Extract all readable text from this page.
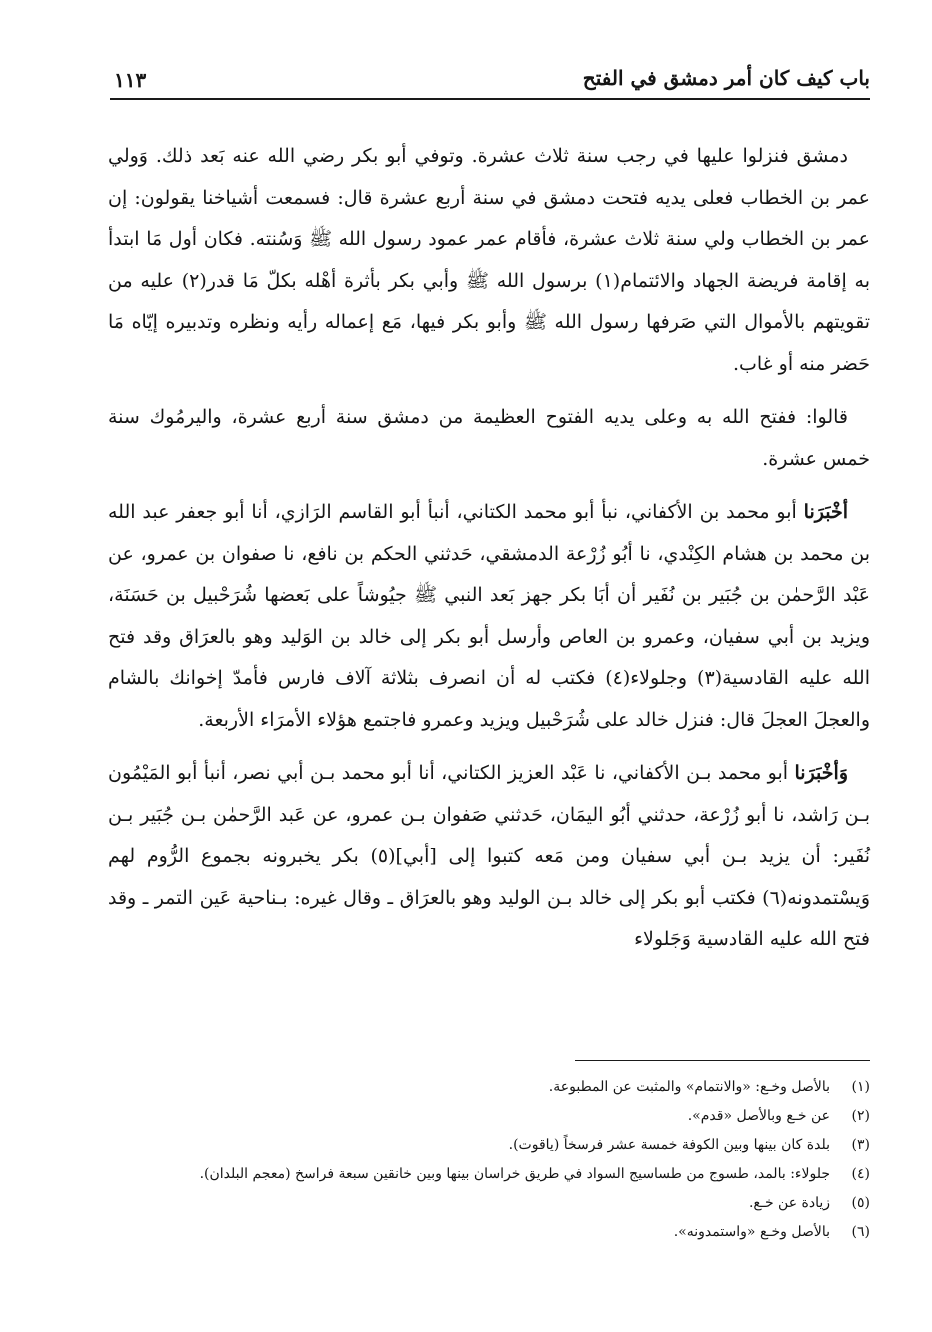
باب كيف كان أمر دمشق في الفتح
١١٣

دمشق فنزلوا عليها في رجب سنة ثلاث عشرة. وتوفي أبو بكر رضي الله عنه بَعد ذلك. وَولي عمر بن الخطاب فعلى يديه فتحت دمشق في سنة أربع عشرة قال: فسمعت أشياخنا يقولون: إن عمر بن الخطاب ولي سنة ثلاث عشرة، فأقام عمر عمود رسول الله ﷺ وَسُنته. فكان أول مَا ابتدأ به إقامة فريضة الجهاد والائتمام(١) برسول الله ﷺ وأبي بكر بأثرة أهْله بكلّ مَا قدر(٢) عليه من تقويتهم بالأموال التي صَرفها رسول الله ﷺ وأبو بكر فيها، مَع إعماله رأيه ونظره وتدبيره إيّاه مَا حَضر منه أو غاب.

قالوا: ففتح الله به وعلى يديه الفتوح العظيمة من دمشق سنة أربع عشرة، واليرمُوك سنة خمس عشرة.

أخْبَرَنا أبو محمد بن الأكفاني، نبأ أبو محمد الكتاني، أنبأ أبو القاسم الرَازي، أنا أبو جعفر عبد الله بن محمد بن هشام الكِنْدي، نا أبُو زُرْعة الدمشقي، حَدثني الحكم بن نافع، نا صفوان بن عمرو، عن عَبْد الرَّحمٰن بن جُبَير بن نُفَير أن أبَا بكر جهز بَعد النبي ﷺ جيُوشاً على بَعضها شُرَحْبيل بن حَسَنَة، ويزيد بن أبي سفيان، وعمرو بن العاص وأرسل أبو بكر إلى خالد بن الوَليد وهو بالعرَاق وقد فتح الله عليه القادسية(٣) وجلولاء(٤) فكتب له أن انصرف بثلاثة آلاف فارس فأمدّ إخوانك بالشام والعجلَ العجلَ قال: فنزل خالد على شُرَحْبيل ويزيد وعمرو فاجتمع هؤلاء الأمرَاء الأربعة.

وَأخْبَرَنا أبو محمد بـن الأكفاني، نا عَبْد العزيز الكتاني، أنا أبو محمد بـن أبي نصر، أنبأ أبو المَيْمُون بـن رَاشد، نا أبو زُرْعة، حدثني أبُو اليمَان، حَدثني صَفوان بـن عمرو، عن عَبد الرَّحمٰن بـن جُبَير بـن نُفَير: أن يزيد بـن أبي سفيان ومن مَعه كتبوا إلى [أبي](٥) بكر يخبرونه بجموع الرُّوم لهم وَيسْتمدونه(٦) فكتب أبو بكر إلى خالد بـن الوليد وهو بالعرَاق ـ وقال غيره: بـناحية عَين التمر ـ وقد فتح الله عليه القادسية وَجَلولاء

(١)
بالأصل وخـع: «والانتمام» والمثبت عن المطبوعة.
(٢)
عن خـع وبالأصل «قدم».
(٣)
بلدة كان بينها وبين الكوفة خمسة عشر فرسخاً (ياقوت).
(٤)
جلولاء: بالمد، طسوج من طساسيج السواد في طريق خراسان بينها وبين خانقين سبعة فراسخ (معجم البلدان).
(٥)
زيادة عن خـع.
(٦)
بالأصل وخـع «واستمدونه».
